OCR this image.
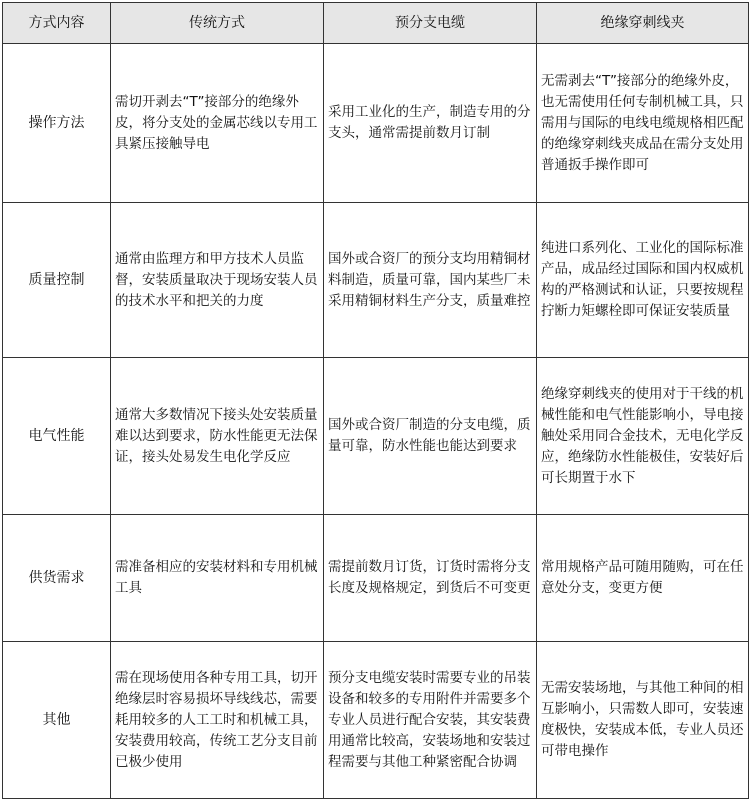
方式内容	传统方式	预分支电缆	绝缘穿刺线夹
操作方法	需切开剥去“T”接部分的绝缘外皮，将分支处的金属芯线以专用工具紧压接触导电	采用工业化的生产，制造专用的分支头，通常需提前数月订制	无需剥去“T”接部分的绝缘外皮，也无需使用任何专制机械工具，只需用与国际的电线电缆规格相匹配的绝缘穿刺线夹成品在需分支处用普通扳手操作即可
质量控制	通常由监理方和甲方技术人员监督，安装质量取决于现场安装人员的技术水平和把关的力度	国外或合资厂的预分支均用精铜材料制造，质量可靠，国内某些厂未采用精铜材料生产分支，质量难控	纯进口系列化、工业化的国际标准产品，成品经过国际和国内权威机构的严格测试和认证，只要按规程拧断力矩螺栓即可保证安装质量
电气性能	通常大多数情况下接头处安装质量难以达到要求，防水性能更无法保证，接头处易发生电化学反应	国外或合资厂制造的分支电缆，质量可靠，防水性能也能达到要求	绝缘穿刺线夹的使用对于干线的机械性能和电气性能影响小，导电接触处采用同合金技术，无电化学反应，绝缘防水性能极佳，安装好后可长期置于水下
供货需求	需准备相应的安装材料和专用机械工具	需提前数月订货，订货时需将分支长度及规格规定，到货后不可变更	常用规格产品可随用随购，可在任意处分支，变更方便
其他	需在现场使用各种专用工具，切开绝缘层时容易损坏导线线芯，需要耗用较多的人工工时和机械工具，安装费用较高，传统工艺分支目前已极少使用	预分支电缆安装时需要专业的吊装设备和较多的专用附件并需要多个专业人员进行配合安装，其安装费用通常比较高，安装场地和安装过程需要与其他工种紧密配合协调	无需安装场地，与其他工种间的相互影响小，只需数人即可，安装速度极快，安装成本低，专业人员还可带电操作
